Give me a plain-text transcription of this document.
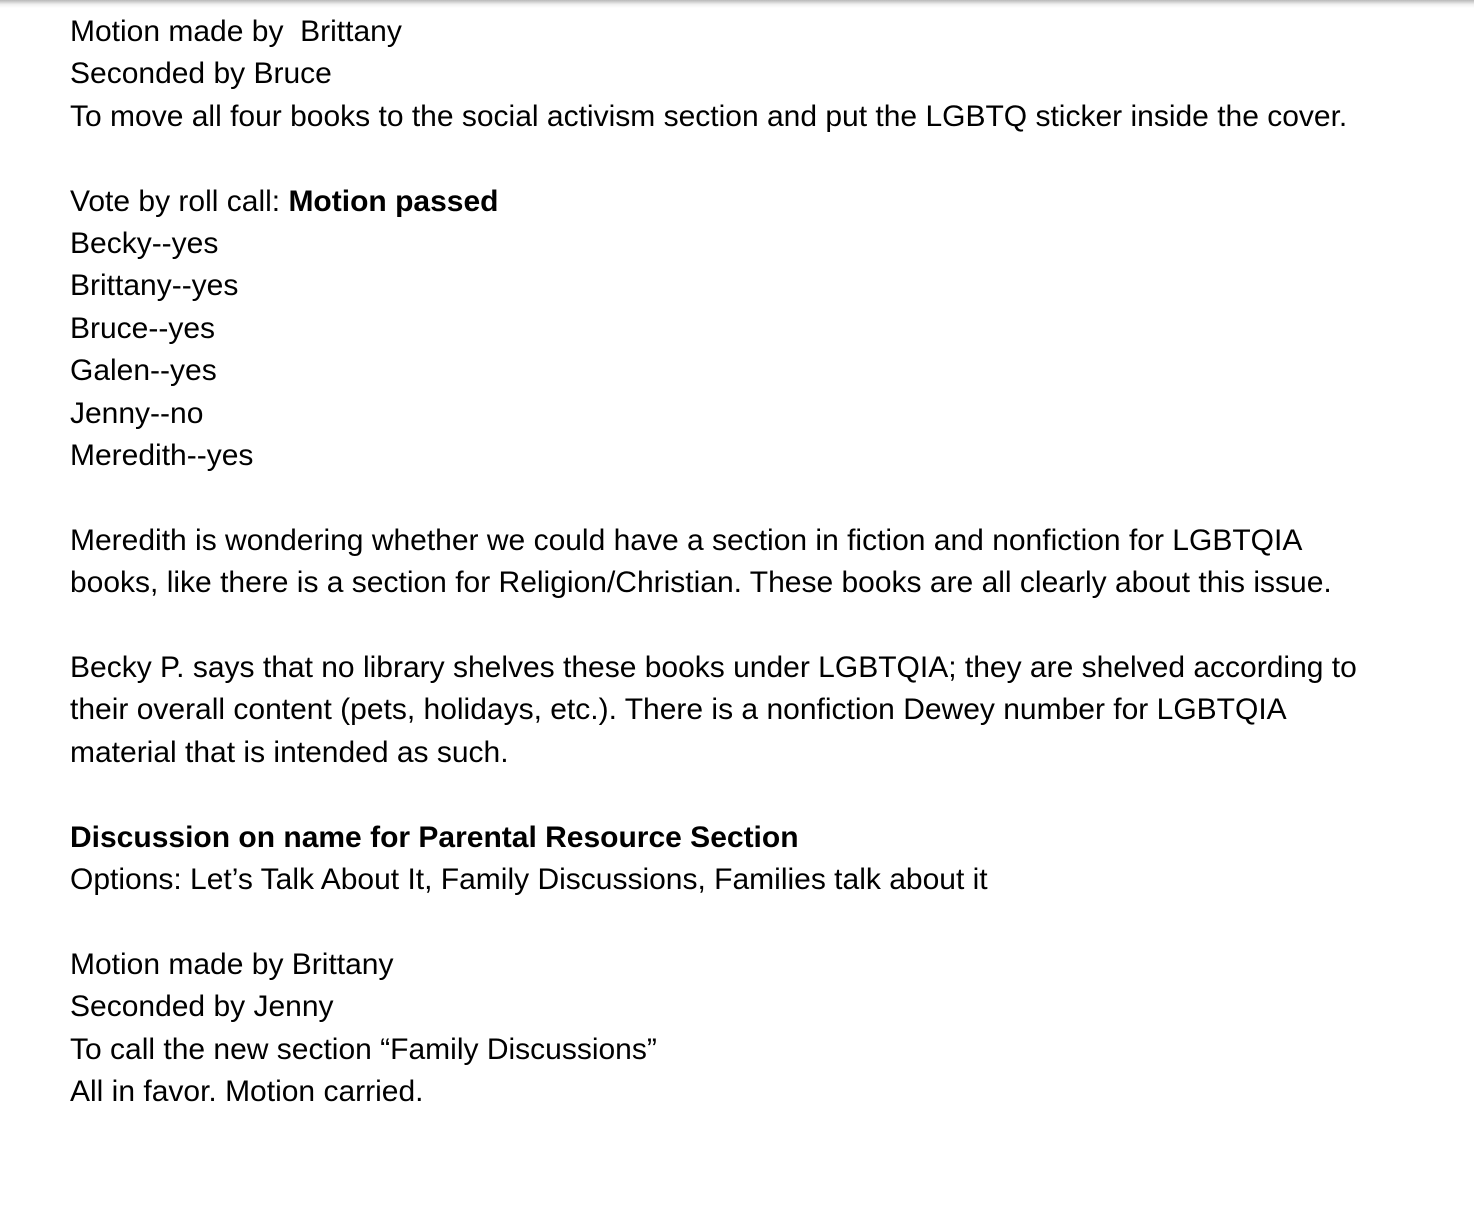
Motion made by  Brittany

Seconded by Bruce

To move all four books to the social activism section and put the LGBTQ sticker inside the cover.

Vote by roll call: Motion passed

Becky--yes

Brittany--yes

Bruce--yes

Galen--yes

Jenny--no

Meredith--yes

Meredith is wondering whether we could have a section in fiction and nonfiction for LGBTQIA books, like there is a section for Religion/Christian. These books are all clearly about this issue.

Becky P. says that no library shelves these books under LGBTQIA; they are shelved according to their overall content (pets, holidays, etc.). There is a nonfiction Dewey number for LGBTQIA material that is intended as such.

Discussion on name for Parental Resource Section

Options: Let’s Talk About It, Family Discussions, Families talk about it

Motion made by Brittany

Seconded by Jenny

To call the new section “Family Discussions”

All in favor. Motion carried.
